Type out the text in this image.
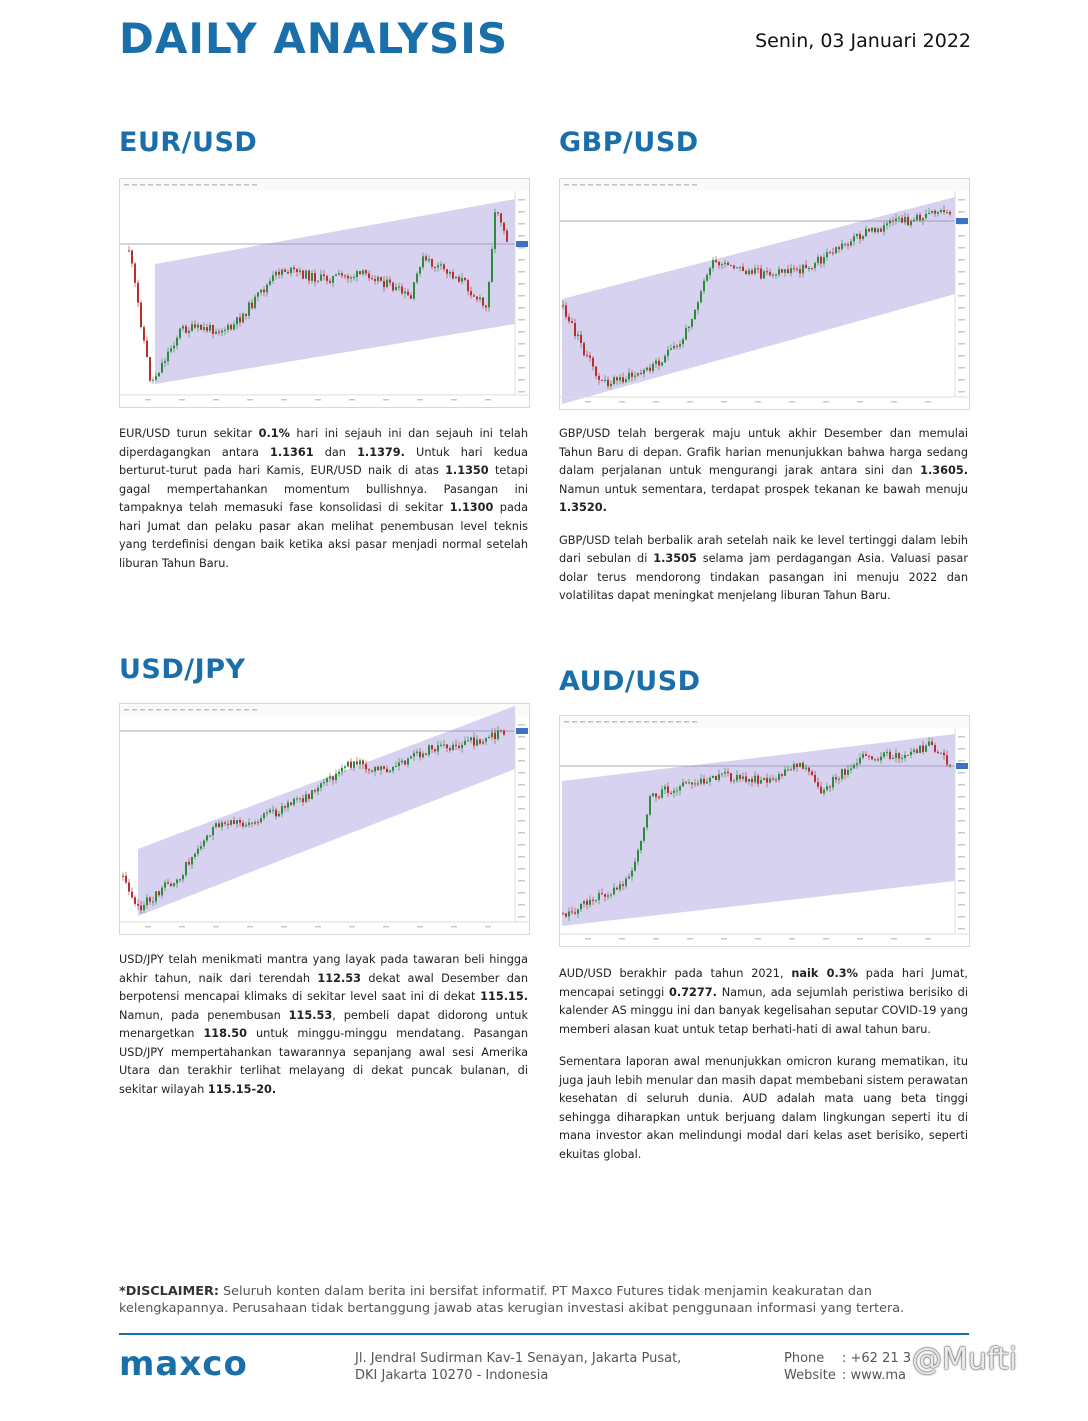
DAILY ANALYSIS	Senin, 03 Januari 2022
EUR/USD

EUR/USD turun sekitar 0.1% hari ini sejauh ini dan sejauh ini telah diperdagangkan antara 1.1361 dan 1.1379. Untuk hari kedua berturut-turut pada hari Kamis, EUR/USD naik di atas 1.1350 tetapi gagal mempertahankan momentum bullishnya. Pasangan ini tampaknya telah memasuki fase konsolidasi di sekitar 1.1300 pada hari Jumat dan pelaku pasar akan melihat penembusan level teknis yang terdefinisi dengan baik ketika aksi pasar menjadi normal setelah liburan Tahun Baru.

GBP/USD

GBP/USD telah bergerak maju untuk akhir Desember dan memulai Tahun Baru di depan. Grafik harian menunjukkan bahwa harga sedang dalam perjalanan untuk mengurangi jarak antara sini dan 1.3605. Namun untuk sementara, terdapat prospek tekanan ke bawah menuju 1.3520.

GBP/USD telah berbalik arah setelah naik ke level tertinggi dalam lebih dari sebulan di 1.3505 selama jam perdagangan Asia. Valuasi pasar dolar terus mendorong tindakan pasangan ini menuju 2022 dan volatilitas dapat meningkat menjelang liburan Tahun Baru.

USD/JPY

USD/JPY telah menikmati mantra yang layak pada tawaran beli hingga akhir tahun, naik dari terendah 112.53 dekat awal Desember dan berpotensi mencapai klimaks di sekitar level saat ini di dekat 115.15. Namun, pada penembusan 115.53, pembeli dapat didorong untuk menargetkan 118.50 untuk minggu-minggu mendatang. Pasangan USD/JPY mempertahankan tawarannya sepanjang awal sesi Amerika Utara dan terakhir terlihat melayang di dekat puncak bulanan, di sekitar wilayah 115.15-20.

AUD/USD

AUD/USD berakhir pada tahun 2021, naik 0.3% pada hari Jumat, mencapai setinggi 0.7277. Namun, ada sejumlah peristiwa berisiko di kalender AS minggu ini dan banyak kegelisahan seputar COVID-19 yang memberi alasan kuat untuk tetap berhati-hati di awal tahun baru.

Sementara laporan awal menunjukkan omicron kurang mematikan, itu juga jauh lebih menular dan masih dapat membebani sistem perawatan kesehatan di seluruh dunia. AUD adalah mata uang beta tinggi sehingga diharapkan untuk berjuang dalam lingkungan seperti itu di mana investor akan melindungi modal dari kelas aset berisiko, seperti ekuitas global.

*DISCLAIMER: Seluruh konten dalam berita ini bersifat informatif. PT Maxco Futures tidak menjamin keakuratan dan kelengkapannya. Perusahaan tidak bertanggung jawab atas kerugian investasi akibat penggunaan informasi yang tertera.
maxco	Jl. Jendral Sudirman Kav-1 Senayan, Jakarta Pusat,
DKI Jakarta 10270 - Indonesia
Phone : +62 21 3
Website : www.ma @Mufti
